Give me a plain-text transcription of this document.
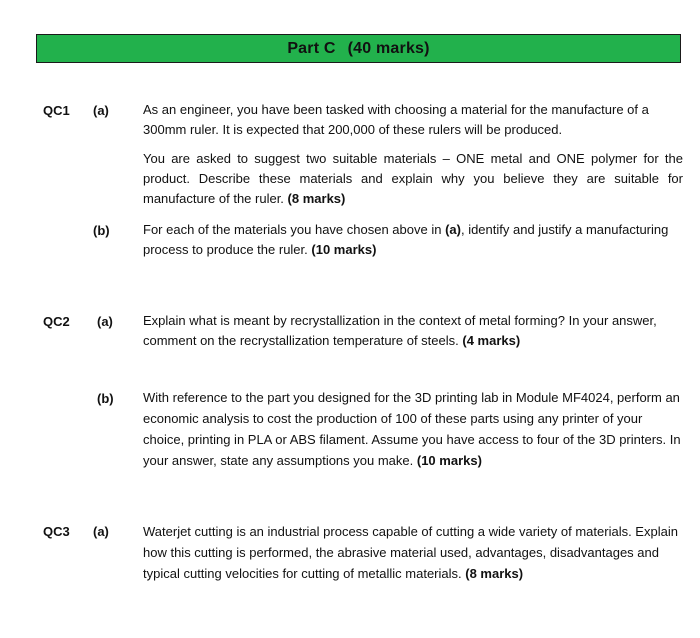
Part C (40 marks)
QC1 (a)	As an engineer, you have been tasked with choosing a material for the manufacture of a 300mm ruler. It is expected that 200,000 of these rulers will be produced.

You are asked to suggest two suitable materials – ONE metal and ONE polymer for the product. Describe these materials and explain why you believe they are suitable for manufacture of the ruler. (8 marks)

(b)	For each of the materials you have chosen above in (a), identify and justify a manufacturing process to produce the ruler. (10 marks)

QC2 (a) Explain what is meant by recrystallization in the context of metal forming? In your answer, comment on the recrystallization temperature of steels. (4 marks)

(b) With reference to the part you designed for the 3D printing lab in Module MF4024, perform an economic analysis to cost the production of 100 of these parts using any printer of your choice, printing in PLA or ABS filament. Assume you have access to four of the 3D printers. In your answer, state any assumptions you make. (10 marks)

QC3 (a)	Waterjet cutting is an industrial process capable of cutting a wide variety of materials. Explain how this cutting is performed, the abrasive material used, advantages, disadvantages and typical cutting velocities for cutting of metallic materials. (8 marks)
